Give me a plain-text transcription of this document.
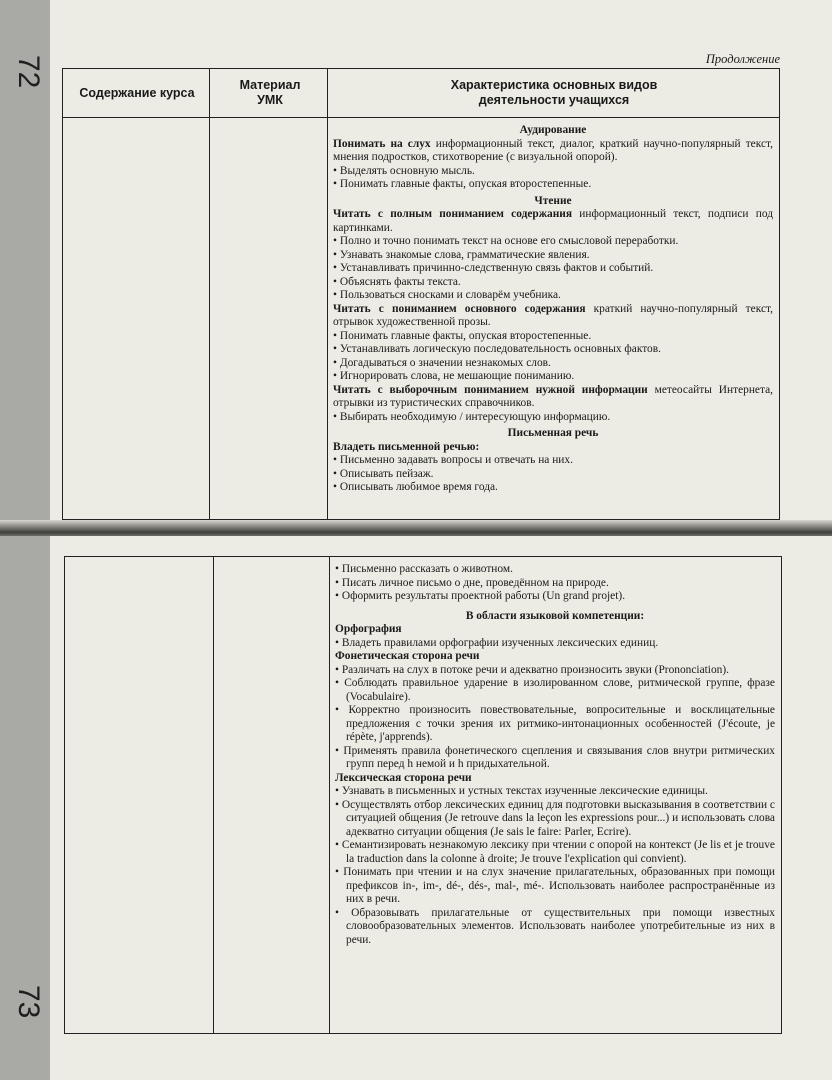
72	Продолжение
Содержание курса
Материал
УМК
Характеристика основных видов
деятельности учащихся
Аудирование
Понимать на слух информационный текст, диалог, краткий научно-популярный текст, мнения подростков, стихотворение (с визуальной опорой).
• Выделять основную мысль.
• Понимать главные факты, опуская второстепенные.
Чтение
Читать с полным пониманием содержания информационный текст, подписи под картинками.
• Полно и точно понимать текст на основе его смысловой переработки.
• Узнавать знакомые слова, грамматические явления.
• Устанавливать причинно-следственную связь фактов и событий.
• Объяснять факты текста.
• Пользоваться сносками и словарём учебника.
Читать с пониманием основного содержания краткий научно-популярный текст, отрывок художественной прозы.
• Понимать главные факты, опуская второстепенные.
• Устанавливать логическую последовательность основных фактов.
• Догадываться о значении незнакомых слов.
• Игнорировать слова, не мешающие пониманию.
Читать с выборочным пониманием нужной информации метеосайты Интернета, отрывки из туристических справочников.
• Выбирать необходимую / интересующую информацию.
Письменная речь
Владеть письменной речью:
• Письменно задавать вопросы и отвечать на них.
• Описывать пейзаж.
• Описывать любимое время года.
73
• Письменно рассказать о животном.
• Писать личное письмо о дне, проведённом на природе.
• Оформить результаты проектной работы (Un grand projet).
В области языковой компетенции:
Орфография
• Владеть правилами орфографии изученных лексических единиц.
Фонетическая сторона речи
• Различать на слух в потоке речи и адекватно произносить звуки (Prononciation).
• Соблюдать правильное ударение в изолированном слове, ритмической группе, фразе (Vocabulaire).
• Корректно произносить повествовательные, вопросительные и восклицательные предложения с точки зрения их ритмико-интонационных особенностей (J'écoute, je répète, j'apprends).
• Применять правила фонетического сцепления и связывания слов внутри ритмических групп перед h немой и h придыхательной.
Лексическая сторона речи
• Узнавать в письменных и устных текстах изученные лексические единицы.
• Осуществлять отбор лексических единиц для подготовки высказывания в соответствии с ситуацией общения (Je retrouve dans la leçon les expressions pour...) и использовать слова адекватно ситуации общения (Je sais le faire: Parler, Ecrire).
• Семантизировать незнакомую лексику при чтении с опорой на контекст (Je lis et je trouve la traduction dans la colonne à droite; Je trouve l'explication qui convient).
• Понимать при чтении и на слух значение прилагательных, образованных при помощи префиксов in-, im-, dé-, dés-, mal-, mé-. Использовать наиболее распространённые из них в речи.
• Образовывать прилагательные от существительных при помощи известных словообразовательных элементов. Использовать наиболее употребительные из них в речи.
